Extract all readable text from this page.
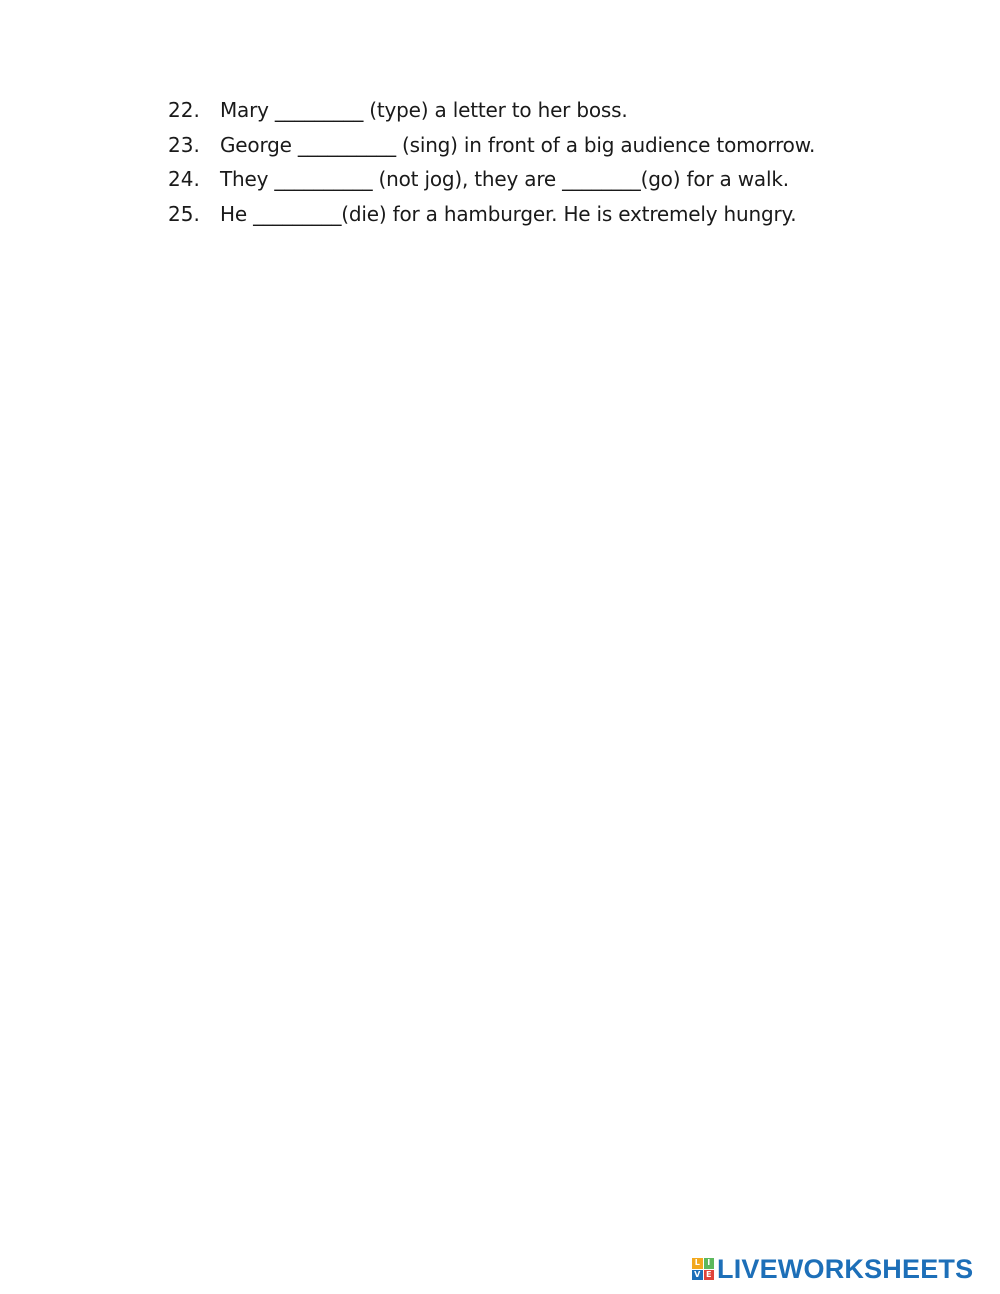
22.	Mary _________ (type) a letter to her boss.
23.	George __________ (sing) in front of a big audience tomorrow.
24.	They __________ (not jog), they are ________(go) for a walk.
25.	He _________(die) for a hamburger. He is extremely hungry.
L I
V E LIVEWORKSHEETS
